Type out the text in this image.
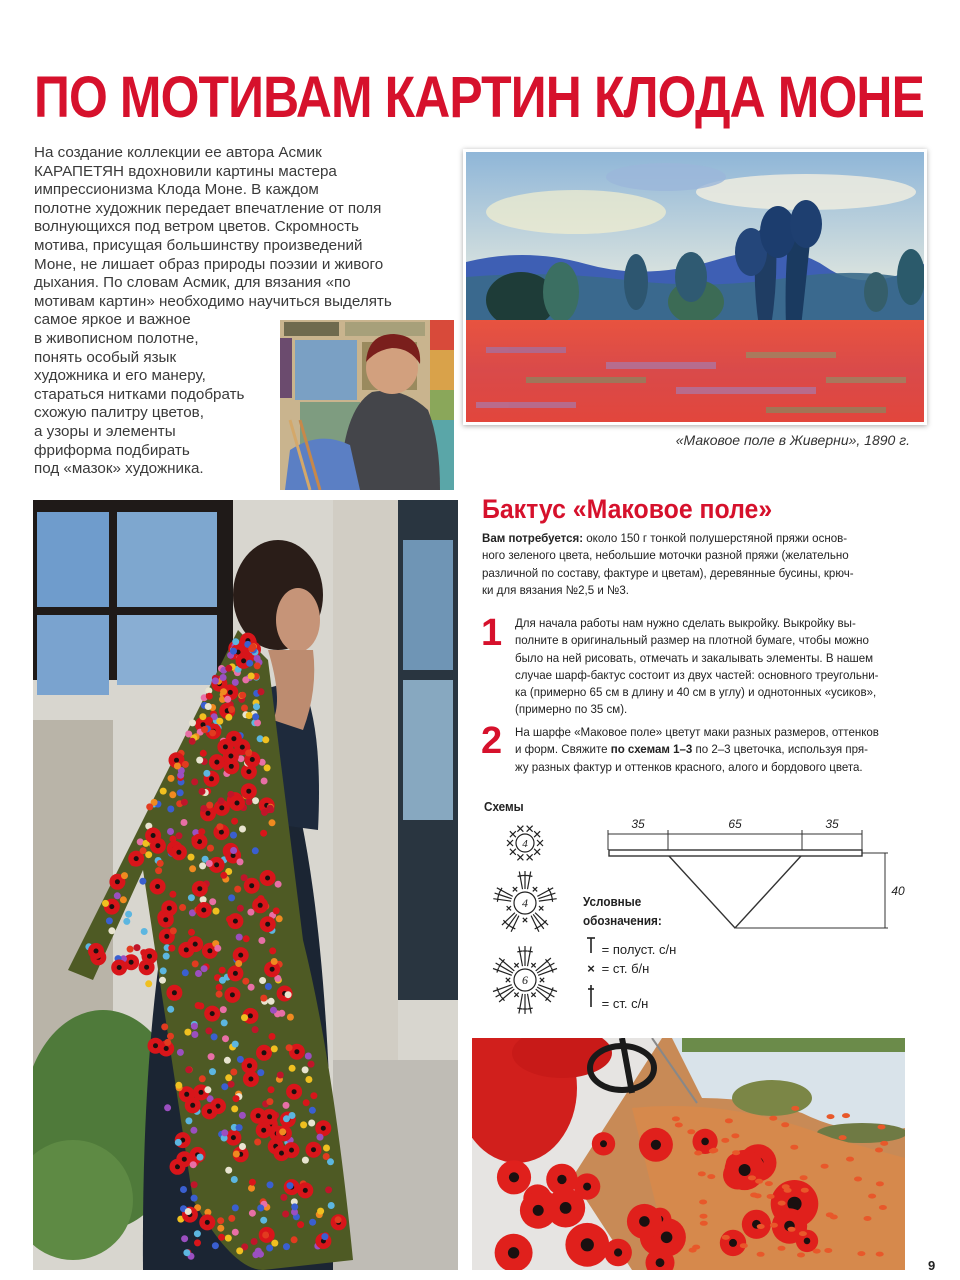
ПО МОТИВАМ КАРТИН КЛОДА МОНЕ
На создание коллекции ее автора Асмик
КАРАПЕТЯН вдохновили картины мастера
импрессионизма Клода Моне. В каждом
полотне художник передает впечатление от поля
волнующихся под ветром цветов. Скромность
мотива, присущая большинству произведений
Моне, не лишает образ природы поэзии и живого
дыхания. По словам Асмик, для вязания «по
мотивам картин» необходимо научиться выделять
самое яркое и важное
в живописном полотне,
понять особый язык
художника и его манеру,
стараться нитками подобрать
схожую палитру цветов,
а узоры и элементы
фриформа подбирать
под «мазок» художника.
«Маковое поле в Живерни», 1890 г.
Бактус «Маковое поле»
Вам потребуется: около 150 г тонкой полушерстяной пряжи основ-
ного зеленого цвета, небольшие моточки разной пряжи (желательно
различной по составу, фактуре и цветам), деревянные бусины, крюч-
ки для вязания №2,5 и №3.
1 Для начала работы нам нужно сделать выкройку. Выкройку вы-
полните в оригинальный размер на плотной бумаге, чтобы можно
было на ней рисовать, отмечать и закалывать элементы. В нашем
случае шарф-бактус состоит из двух частей: основного треугольни-
ка (примерно 65 см в длину и 40 см в углу) и однотонных «усиков»,
(примерно по 35 см).
2 На шарфе «Маковое поле» цветут маки разных размеров, оттенков
и форм. Свяжите по схемам 1–3 по 2–3 цветочка, используя пря-
жу разных фактур и оттенков красного, алого и бордового цвета.
Схемы
4
4
6
35	65	35
40
Условные
обозначения:
= полуст. с/н
× = ст. б/н
= ст. с/н
9
